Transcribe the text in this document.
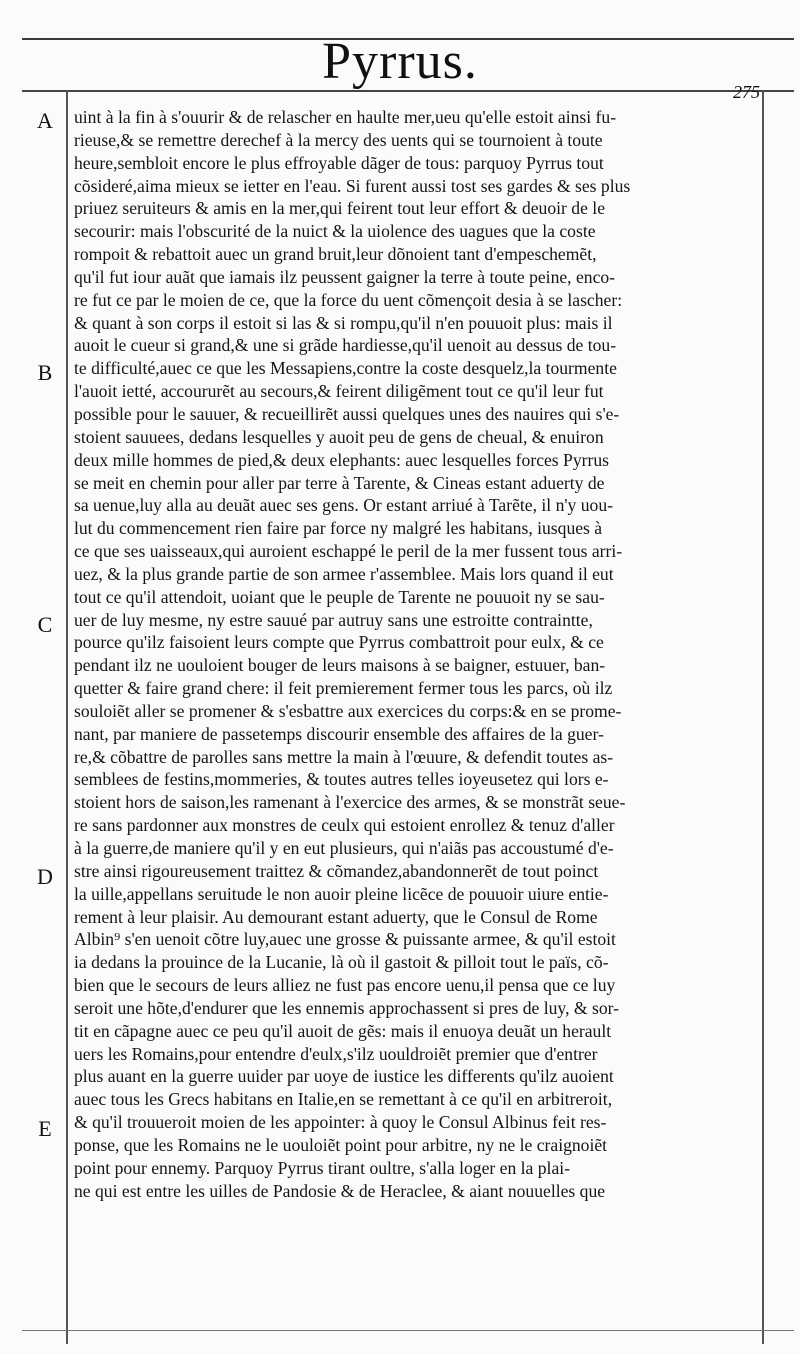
Pyrrus.
275
A
B
C
D
E
uint à la fin à s'ouurir & de relascher en haulte mer,ueu qu'elle estoit ainsi fu-
rieuse,& se remettre derechef à la mercy des uents qui se tournoient à toute
heure,sembloit encore le plus effroyable dãger de tous: parquoy Pyrrus tout
cõsideré,aima mieux se ietter en l'eau. Si furent aussi tost ses gardes & ses plus
priuez seruiteurs & amis en la mer,qui feirent tout leur effort & deuoir de le
secourir: mais l'obscurité de la nuict & la uiolence des uagues que la coste
rompoit & rebattoit auec un grand bruit,leur dõnoient tant d'empeschemẽt,
qu'il fut iour auãt que iamais ilz peussent gaigner la terre à toute peine, enco-
re fut ce par le moien de ce, que la force du uent cõmençoit desia à se lascher:
& quant à son corps il estoit si las & si rompu,qu'il n'en pouuoit plus: mais il
auoit le cueur si grand,& une si grãde hardiesse,qu'il uenoit au dessus de tou-
te difficulté,auec ce que les Messapiens,contre la coste desquelz,la tourmente
l'auoit ietté, accoururẽt au secours,& feirent diligẽment tout ce qu'il leur fut
possible pour le sauuer, & recueillirẽt aussi quelques unes des nauires qui s'e-
stoient sauuees, dedans lesquelles y auoit peu de gens de cheual, & enuiron
deux mille hommes de pied,& deux elephants: auec lesquelles forces Pyrrus
se meit en chemin pour aller par terre à Tarente, & Cineas estant aduerty de
sa uenue,luy alla au deuãt auec ses gens. Or estant arriué à Tarẽte, il n'y uou-
lut du commencement rien faire par force ny malgré les habitans, iusques à
ce que ses uaisseaux,qui auroient eschappé le peril de la mer fussent tous arri-
uez, & la plus grande partie de son armee r'assemblee. Mais lors quand il eut
tout ce qu'il attendoit, uoiant que le peuple de Tarente ne pouuoit ny se sau-
uer de luy mesme, ny estre sauué par autruy sans une estroitte contraintte,
pource qu'ilz faisoient leurs compte que Pyrrus combattroit pour eulx, & ce
pendant ilz ne uouloient bouger de leurs maisons à se baigner, estuuer, ban-
quetter & faire grand chere: il feit premierement fermer tous les parcs, où ilz
souloiẽt aller se promener & s'esbattre aux exercices du corps:& en se prome-
nant, par maniere de passetemps discourir ensemble des affaires de la guer-
re,& cõbattre de parolles sans mettre la main à l'œuure, & defendit toutes as-
semblees de festins,mommeries, & toutes autres telles ioyeusetez qui lors e-
stoient hors de saison,les ramenant à l'exercice des armes, & se monstrãt seue-
re sans pardonner aux monstres de ceulx qui estoient enrollez & tenuz d'aller
à la guerre,de maniere qu'il y en eut plusieurs, qui n'aiãs pas accoustumé d'e-
stre ainsi rigoureusement traittez & cõmandez,abandonnerẽt de tout poinct
la uille,appellans seruitude le non auoir pleine licẽce de pouuoir uiure entie-
rement à leur plaisir. Au demourant estant aduerty, que le Consul de Rome
Albin⁹ s'en uenoit cõtre luy,auec une grosse & puissante armee, & qu'il estoit
ia dedans la prouince de la Lucanie, là où il gastoit & pilloit tout le païs, cõ-
bien que le secours de leurs alliez ne fust pas encore uenu,il pensa que ce luy
seroit une hõte,d'endurer que les ennemis approchassent si pres de luy, & sor-
tit en cãpagne auec ce peu qu'il auoit de gẽs: mais il enuoya deuãt un herault
uers les Romains,pour entendre d'eulx,s'ilz uouldroiẽt premier que d'entrer
plus auant en la guerre uuider par uoye de iustice les differents qu'ilz auoient
auec tous les Grecs habitans en Italie,en se remettant à ce qu'il en arbitreroit,
& qu'il trouueroit moien de les appointer: à quoy le Consul Albinus feit res-
ponse, que les Romains ne le uouloiẽt point pour arbitre, ny ne le craignoiẽt
point pour ennemy. Parquoy Pyrrus tirant oultre, s'alla loger en la plai-
ne qui est entre les uilles de Pandosie & de Heraclee, & aiant nouuelles que
